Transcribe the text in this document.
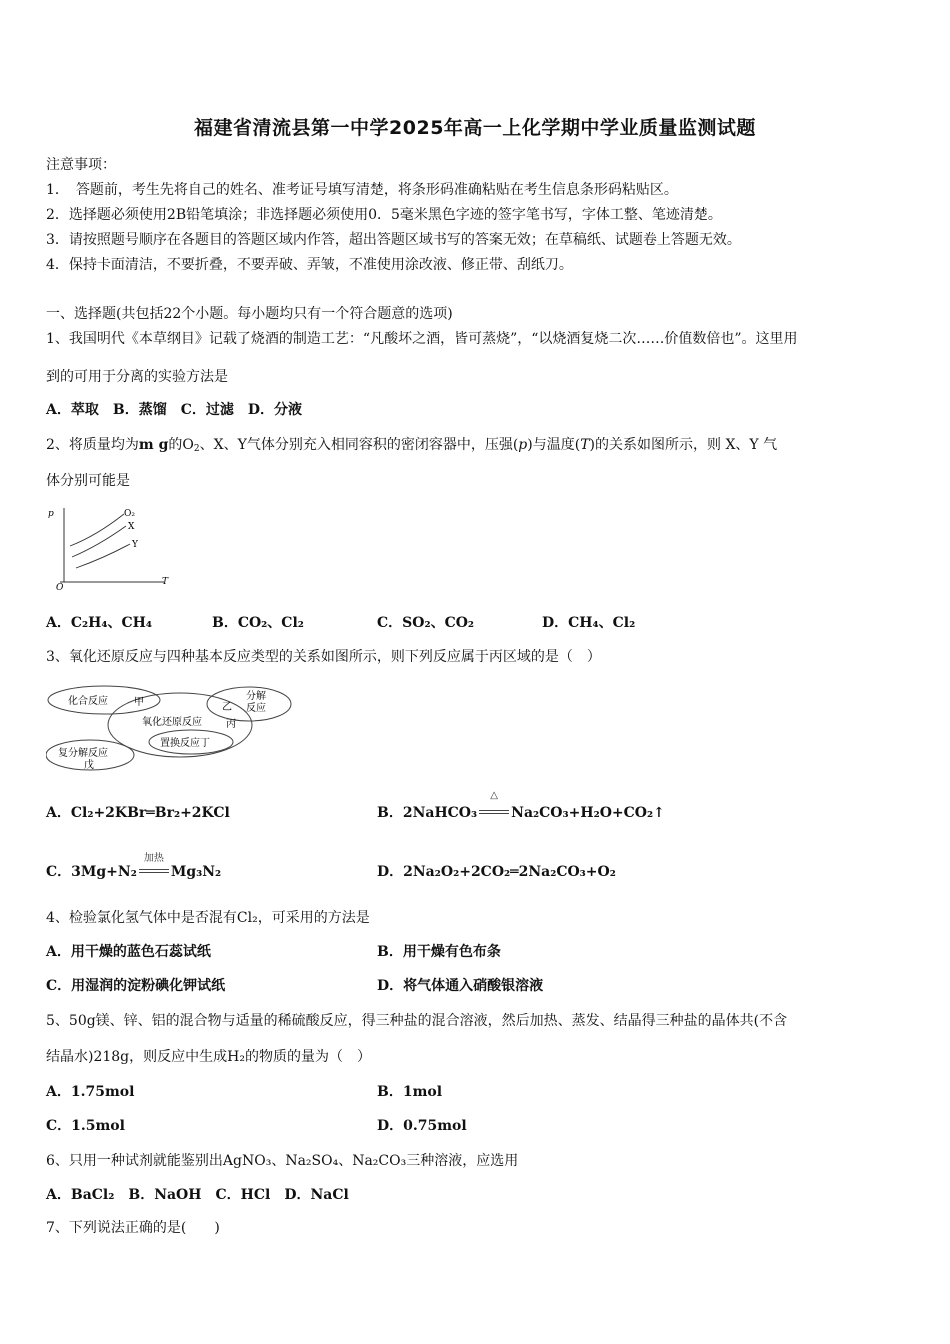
福建省清流县第一中学2025年高一上化学期中学业质量监测试题
注意事项：
1．　答题前，考生先将自己的姓名、准考证号填写清楚，将条形码准确粘贴在考生信息条形码粘贴区。
2．选择题必须使用2B铅笔填涂；非选择题必须使用0．5毫米黑色字迹的签字笔书写，字体工整、笔迹清楚。
3．请按照题号顺序在各题目的答题区域内作答，超出答题区域书写的答案无效；在草稿纸、试题卷上答题无效。
4．保持卡面清洁，不要折叠，不要弄破、弄皱，不准使用涂改液、修正带、刮纸刀。
一、选择题(共包括22个小题。每小题均只有一个符合题意的选项)
1、我国明代《本草纲目》记载了烧酒的制造工艺：“凡酸坏之酒，皆可蒸烧”，“以烧酒复烧二次……价值数倍也”。这里用
到的可用于分离的实验方法是
A．萃取　B．蒸馏　C．过滤　D．分液
2、将质量均为m g的$O_2$、X、Y气体分别充入相同容积的密闭容器中，压强(p)与温度(T)的关系如图所示，则 X、Y 气
体分别可能是
p
T
O
O₂
X
Y
A．C₂H₄、CH₄	B．CO₂、Cl₂	C．SO₂、CO₂	D．CH₄、Cl₂
3、氧化还原反应与四种基本反应类型的关系如图所示，则下列反应属于丙区域的是（　）
化合反应	甲
分解
反应
乙
氧化还原反应 丙
置换反应丁
复分解反应
戊
A．Cl₂+2KBr═Br₂+2KCl	B．2NaHCO₃
△
Na₂CO₃+H₂O+CO₂↑
C．3Mg+N₂
加热
Mg₃N₂	D．2Na₂O₂+2CO₂═2Na₂CO₃+O₂
4、检验氯化氢气体中是否混有Cl₂，可采用的方法是
A．用干燥的蓝色石蕊试纸	B．用干燥有色布条
C．用湿润的淀粉碘化钾试纸	D．将气体通入硝酸银溶液
5、50g镁、锌、铝的混合物与适量的稀硫酸反应，得三种盐的混合溶液，然后加热、蒸发、结晶得三种盐的晶体共(不含
结晶水)218g，则反应中生成H₂的物质的量为（　）
A．1.75mol	B．1mol
C．1.5mol	D．0.75mol
6、只用一种试剂就能鉴别出AgNO₃、Na₂SO₄、Na₂CO₃三种溶液，应选用
A．BaCl₂　B．NaOH　C．HCl　D．NaCl
7、下列说法正确的是(　　)
